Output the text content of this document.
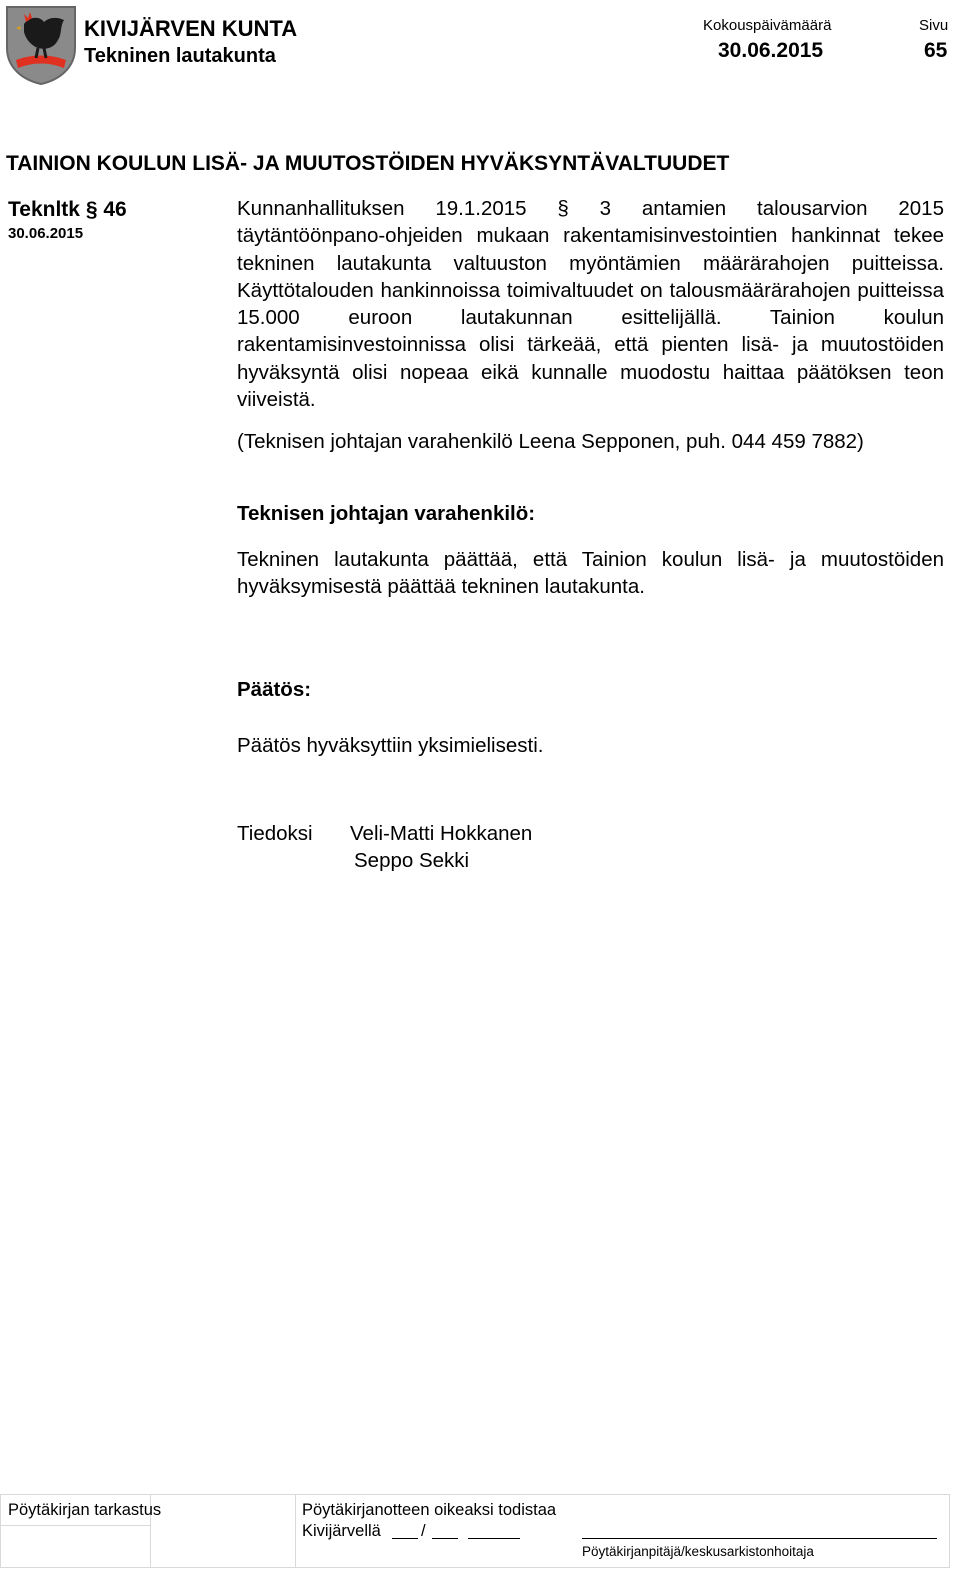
KIVIJÄRVEN KUNTA
Tekninen lautakunta
Kokouspäivämäärä
30.06.2015
Sivu
65
TAINION KOULUN LISÄ- JA MUUTOSTÖIDEN HYVÄKSYNTÄVALTUUDET
Teknltk § 46
30.06.2015
Kunnanhallituksen 19.1.2015 § 3 antamien talousarvion 2015 täytäntöönpano-ohjeiden mukaan rakentamisinvestointien hankinnat tekee tekninen lautakunta valtuuston myöntämien määrärahojen puitteissa. Käyttötalouden hankinnoissa toimivaltuudet on talousmäärärahojen puitteissa 15.000 euroon lautakunnan esittelijällä. Tainion koulun rakentamisinvestoinnissa olisi tärkeää, että pienten lisä- ja muutostöiden hyväksyntä olisi nopeaa eikä kunnalle muodostu haittaa päätöksen teon viiveistä.
(Teknisen johtajan varahenkilö Leena Sepponen, puh. 044 459 7882)
Teknisen johtajan varahenkilö:
Tekninen lautakunta päättää, että Tainion koulun lisä- ja muutostöiden hyväksymisestä päättää tekninen lautakunta.
Päätös:
Päätös hyväksyttiin yksimielisesti.
Tiedoksi	Veli-Matti Hokkanen
Seppo Sekki
Pöytäkirjan tarkastus	Pöytäkirjanotteen oikeaksi todistaa
Kivijärvellä /
Pöytäkirjanpitäjä/keskusarkistonhoitaja
